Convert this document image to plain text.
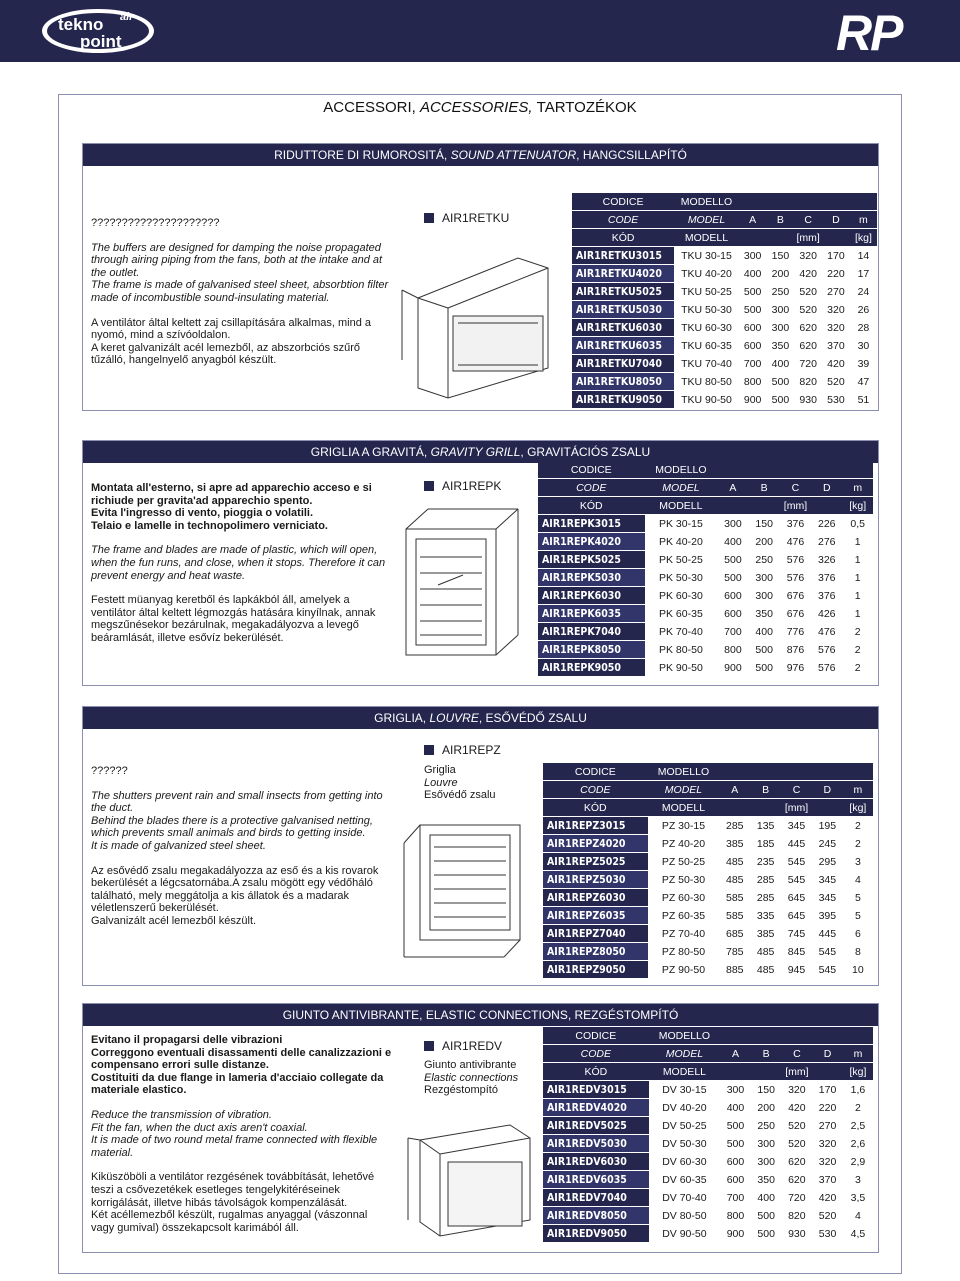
tekno air
point	RP
ACCESSORI, ACCESSORIES, TARTOZÉKOK
RIDUTTORE DI RUMOROSITÁ, SOUND ATTENUATOR, HANGCSILLAPÍTÓ

?????????????????????

The buffers are designed for damping the noise propagated through airing piping from the fans, both at the intake and at the outlet.

The frame is made of galvanised steel sheet, absorbtion filter made of incombustible sound-insulating material.

A ventilátor által keltett zaj csillapítására alkalmas, mind a nyomó, mind a szívóoldalon.

A keret galvanizált acél lemezből, az abszorbciós szűrő tűzálló, hangelnyelő anyagból készült.

AIR1RETKU
CODICE	MODELLO					
CODE	MODEL	A	B	C	D	m
KÓD	MODELL		[mm]			[kg]
AIR1RETKU3015	TKU 30-15	300	150	320	170	14
AIR1RETKU4020	TKU 40-20	400	200	420	220	17
AIR1RETKU5025	TKU 50-25	500	250	520	270	24
AIR1RETKU5030	TKU 50-30	500	300	520	320	26
AIR1RETKU6030	TKU 60-30	600	300	620	320	28
AIR1RETKU6035	TKU 60-35	600	350	620	370	30
AIR1RETKU7040	TKU 70-40	700	400	720	420	39
AIR1RETKU8050	TKU 80-50	800	500	820	520	47
AIR1RETKU9050	TKU 90-50	900	500	930	530	51
GRIGLIA A GRAVITÁ, GRAVITY GRILL, GRAVITÁCIÓS ZSALU

Montata all'esterno, si apre ad apparechio acceso e si richiude per gravita'ad apparechio spento.

Evita l'ingresso di vento, pioggia o volatili.

Telaio e lamelle in technopolimero verniciato.

The frame and blades are made of plastic, which will open, when the fun runs, and close, when it stops. Therefore it can prevent energy and heat waste.

Festett müanyag keretből és lapkákból áll, amelyek a ventilátor által keltett légmozgás hatására kinyílnak, annak megszűnésekor bezárulnak, megakadályozva a levegő beáramlását, illetve esővíz bekerülését.

AIR1REPK
CODICE	MODELLO					
CODE	MODEL	A	B	C	D	m
KÓD	MODELL		[mm]			[kg]
AIR1REPK3015	PK 30-15	300	150	376	226	0,5
AIR1REPK4020	PK 40-20	400	200	476	276	1
AIR1REPK5025	PK 50-25	500	250	576	326	1
AIR1REPK5030	PK 50-30	500	300	576	376	1
AIR1REPK6030	PK 60-30	600	300	676	376	1
AIR1REPK6035	PK 60-35	600	350	676	426	1
AIR1REPK7040	PK 70-40	700	400	776	476	2
AIR1REPK8050	PK 80-50	800	500	876	576	2
AIR1REPK9050	PK 90-50	900	500	976	576	2
GRIGLIA, LOUVRE, ESŐVÉDŐ ZSALU

??????

The shutters prevent rain and small insects from getting into the duct.

Behind the blades there is a protective galvanised netting, which prevents small animals and birds to getting inside.

It is made of galvanized steel sheet.

Az esővédő zsalu megakadályozza az eső és a kis rovarok bekerülését a légcsatornába.A zsalu mögött egy védőháló található, mely meggátolja a kis állatok és a madarak véletlenszerű bekerülését.

Galvanizált acél lemezből készült.

AIR1REPZ

Griglia

Louvre

Esővédő zsalu

CODICE	MODELLO					
CODE	MODEL	A	B	C	D	m
KÓD	MODELL		[mm]			[kg]
AIR1REPZ3015	PZ 30-15	285	135	345	195	2
AIR1REPZ4020	PZ 40-20	385	185	445	245	2
AIR1REPZ5025	PZ 50-25	485	235	545	295	3
AIR1REPZ5030	PZ 50-30	485	285	545	345	4
AIR1REPZ6030	PZ 60-30	585	285	645	345	5
AIR1REPZ6035	PZ 60-35	585	335	645	395	5
AIR1REPZ7040	PZ 70-40	685	385	745	445	6
AIR1REPZ8050	PZ 80-50	785	485	845	545	8
AIR1REPZ9050	PZ 90-50	885	485	945	545	10
GIUNTO ANTIVIBRANTE, ELASTIC CONNECTIONS, REZGÉSTOMPÍTÓ

Evitano il propagarsi delle vibrazioni

Correggono eventuali disassamenti delle canalizzazioni e compensano errori sulle distanze.

Costituiti da due flange in lameria d'acciaio collegate da materiale elastico.

Reduce the transmission of vibration.

Fit the fan, when the duct axis aren't coaxial.

It is made of two round metal frame connected with flexible material.

Kiküszöböli a ventilátor rezgésének továbbítását, lehetővé teszi a csővezetékek esetleges tengelykitéréseinek korrigálását, illetve hibás távolságok kompenzálását.

Két acéllemezből készült, rugalmas anyaggal (vászonnal vagy gumival) összekapcsolt karimából áll.

AIR1REDV

Giunto antivibrante

Elastic connections

Rezgéstompító

CODICE	MODELLO					
CODE	MODEL	A	B	C	D	m
KÓD	MODELL		[mm]			[kg]
AIR1REDV3015	DV 30-15	300	150	320	170	1,6
AIR1REDV4020	DV 40-20	400	200	420	220	2
AIR1REDV5025	DV 50-25	500	250	520	270	2,5
AIR1REDV5030	DV 50-30	500	300	520	320	2,6
AIR1REDV6030	DV 60-30	600	300	620	320	2,9
AIR1REDV6035	DV 60-35	600	350	620	370	3
AIR1REDV7040	DV 70-40	700	400	720	420	3,5
AIR1REDV8050	DV 80-50	800	500	820	520	4
AIR1REDV9050	DV 90-50	900	500	930	530	4,5
